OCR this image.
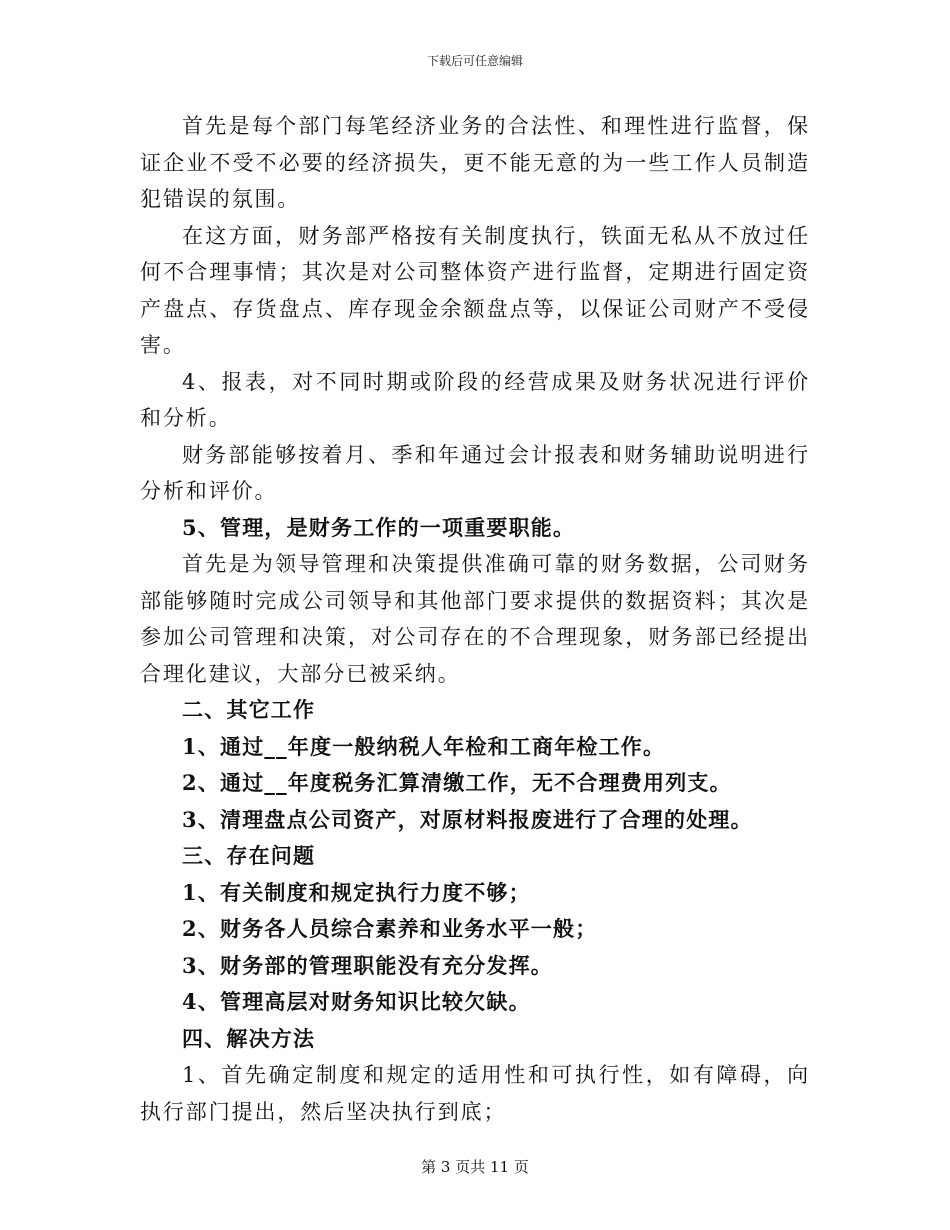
下载后可任意编辑

首先是每个部门每笔经济业务的合法性、和理性进行监督，保证企业不受不必要的经济损失，更不能无意的为一些工作人员制造犯错误的氛围。

在这方面，财务部严格按有关制度执行，铁面无私从不放过任何不合理事情；其次是对公司整体资产进行监督，定期进行固定资产盘点、存货盘点、库存现金余额盘点等，以保证公司财产不受侵害。

4、报表，对不同时期或阶段的经营成果及财务状况进行评价和分析。

财务部能够按着月、季和年通过会计报表和财务辅助说明进行分析和评价。

5、管理，是财务工作的一项重要职能。

首先是为领导管理和决策提供准确可靠的财务数据，公司财务部能够随时完成公司领导和其他部门要求提供的数据资料；其次是参加公司管理和决策，对公司存在的不合理现象，财务部已经提出合理化建议，大部分已被采纳。

二、其它工作

1、通过__年度一般纳税人年检和工商年检工作。

2、通过__年度税务汇算清缴工作，无不合理费用列支。

3、清理盘点公司资产，对原材料报废进行了合理的处理。

三、存在问题

1、有关制度和规定执行力度不够；

2、财务各人员综合素养和业务水平一般；

3、财务部的管理职能没有充分发挥。

4、管理高层对财务知识比较欠缺。

四、解决方法

1、首先确定制度和规定的适用性和可执行性，如有障碍，向执行部门提出，然后坚决执行到底；

第 3 页共 11 页
